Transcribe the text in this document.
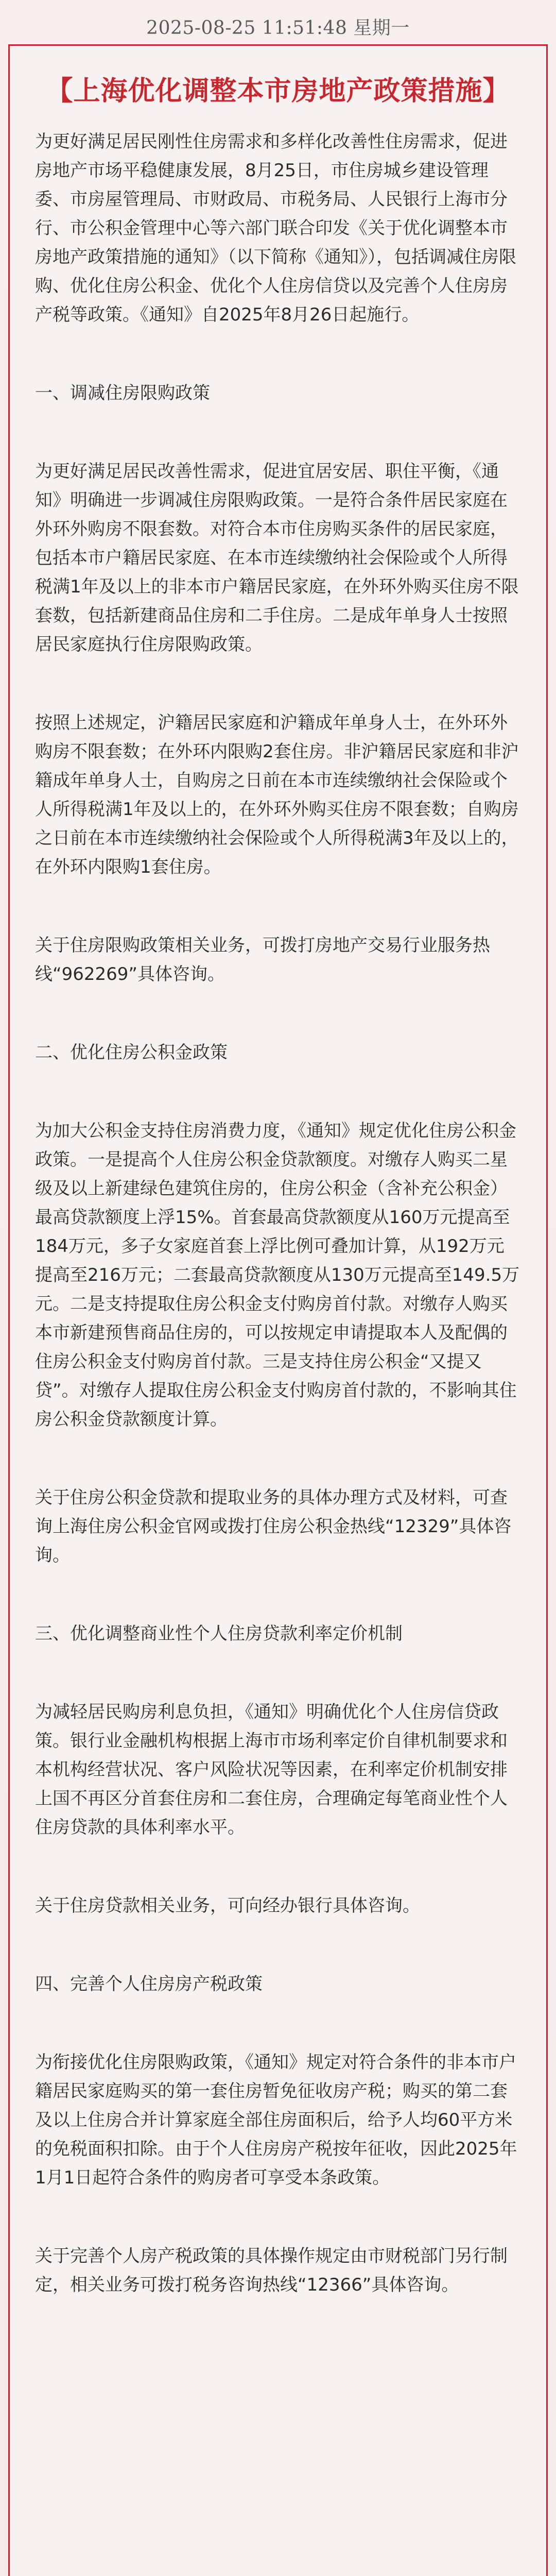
2025-08-25 11:51:48 星期一
【上海优化调整本市房地产政策措施】

为更好满足居民刚性住房需求和多样化改善性住房需求，促进房地产市场平稳健康发展，8月25日，市住房城乡建设管理委、市房屋管理局、市财政局、市税务局、人民银行上海市分行、市公积金管理中心等六部门联合印发《关于优化调整本市房地产政策措施的通知》（以下简称《通知》），包括调减住房限购、优化住房公积金、优化个人住房信贷以及完善个人住房房产税等政策。《通知》自2025年8月26日起施行。

一、调减住房限购政策

为更好满足居民改善性需求，促进宜居安居、职住平衡，《通知》明确进一步调减住房限购政策。一是符合条件居民家庭在外环外购房不限套数。对符合本市住房购买条件的居民家庭，包括本市户籍居民家庭、在本市连续缴纳社会保险或个人所得税满1年及以上的非本市户籍居民家庭，在外环外购买住房不限套数，包括新建商品住房和二手住房。二是成年单身人士按照居民家庭执行住房限购政策。

按照上述规定，沪籍居民家庭和沪籍成年单身人士，在外环外购房不限套数；在外环内限购2套住房。非沪籍居民家庭和非沪籍成年单身人士，自购房之日前在本市连续缴纳社会保险或个人所得税满1年及以上的，在外环外购买住房不限套数；自购房之日前在本市连续缴纳社会保险或个人所得税满3年及以上的，在外环内限购1套住房。

关于住房限购政策相关业务，可拨打房地产交易行业服务热线“962269”具体咨询。

二、优化住房公积金政策

为加大公积金支持住房消费力度，《通知》规定优化住房公积金政策。一是提高个人住房公积金贷款额度。对缴存人购买二星级及以上新建绿色建筑住房的，住房公积金（含补充公积金）最高贷款额度上浮15%。首套最高贷款额度从160万元提高至184万元，多子女家庭首套上浮比例可叠加计算，从192万元提高至216万元；二套最高贷款额度从130万元提高至149.5万元。二是支持提取住房公积金支付购房首付款。对缴存人购买本市新建预售商品住房的，可以按规定申请提取本人及配偶的住房公积金支付购房首付款。三是支持住房公积金“又提又贷”。对缴存人提取住房公积金支付购房首付款的，不影响其住房公积金贷款额度计算。

关于住房公积金贷款和提取业务的具体办理方式及材料，可查询上海住房公积金官网或拨打住房公积金热线“12329”具体咨询。

三、优化调整商业性个人住房贷款利率定价机制

为减轻居民购房利息负担，《通知》明确优化个人住房信贷政策。银行业金融机构根据上海市市场利率定价自律机制要求和本机构经营状况、客户风险状况等因素，在利率定价机制安排上国不再区分首套住房和二套住房，合理确定每笔商业性个人住房贷款的具体利率水平。

关于住房贷款相关业务，可向经办银行具体咨询。

四、完善个人住房房产税政策

为衔接优化住房限购政策，《通知》规定对符合条件的非本市户籍居民家庭购买的第一套住房暂免征收房产税；购买的第二套及以上住房合并计算家庭全部住房面积后，给予人均60平方米的免税面积扣除。由于个人住房房产税按年征收，因此2025年1月1日起符合条件的购房者可享受本条政策。

关于完善个人房产税政策的具体操作规定由市财税部门另行制定，相关业务可拨打税务咨询热线“12366”具体咨询。
